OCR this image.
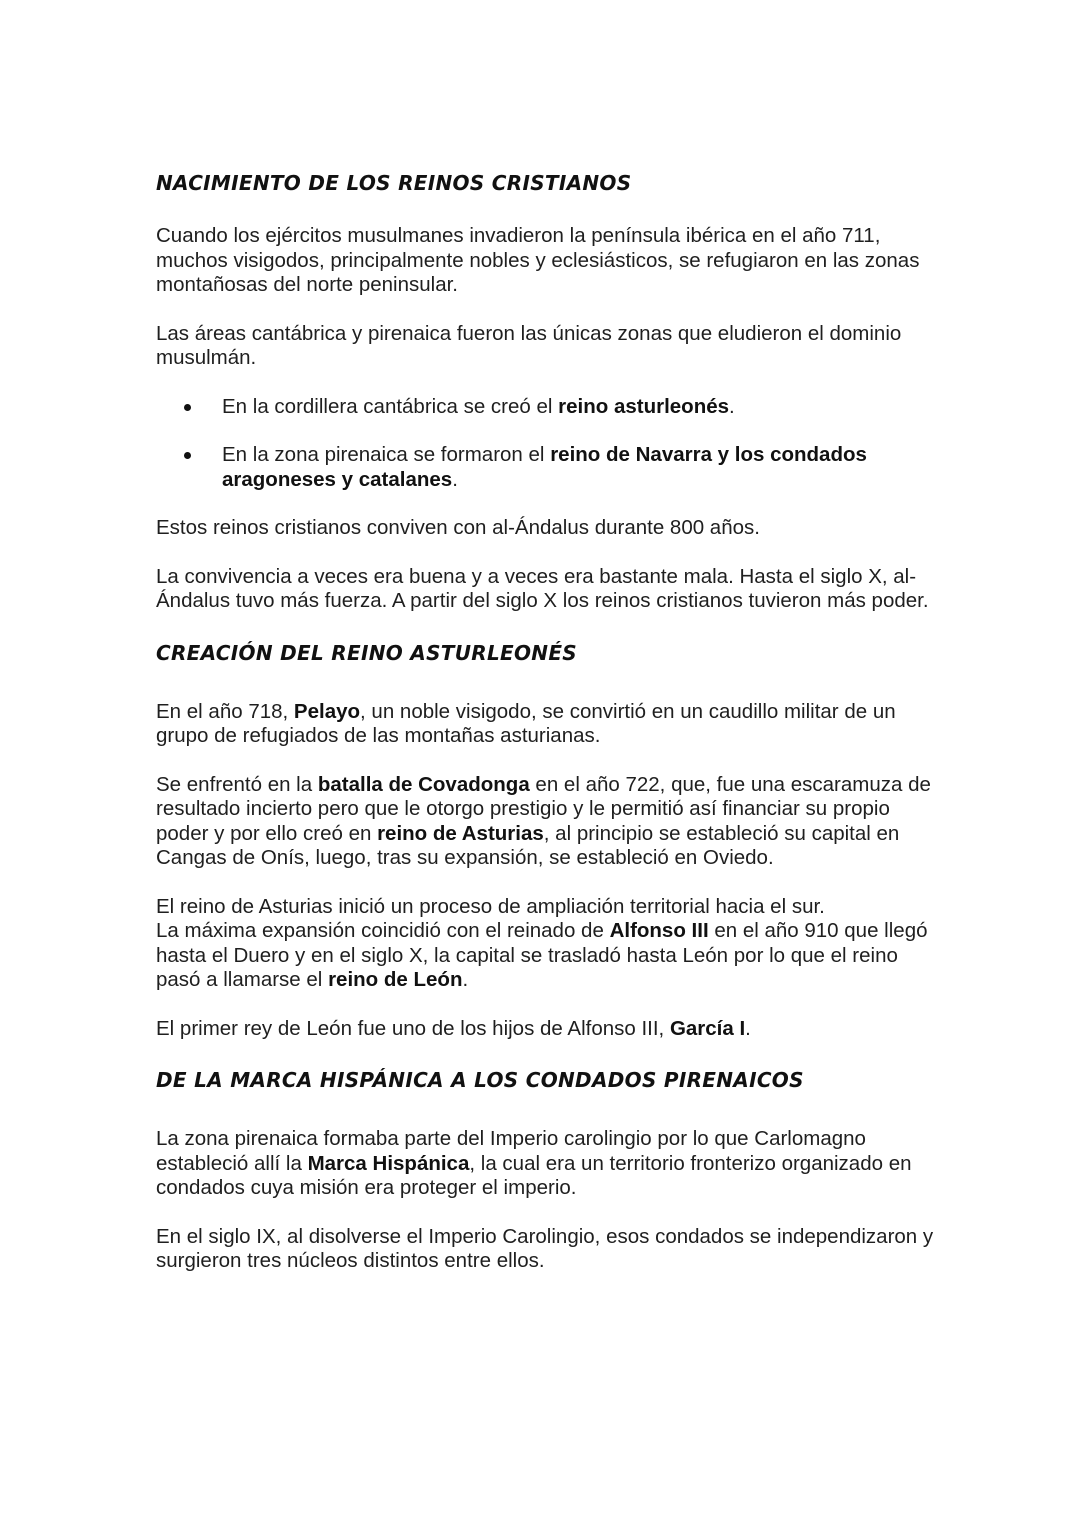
NACIMIENTO DE LOS REINOS CRISTIANOS

Cuando los ejércitos musulmanes invadieron la península ibérica en el año 711, muchos visigodos, principalmente nobles y eclesiásticos, se refugiaron en las zonas montañosas del norte peninsular.

Las áreas cantábrica y pirenaica fueron las únicas zonas que eludieron el dominio musulmán.

En la cordillera cantábrica se creó el reino asturleonés.
En la zona pirenaica se formaron el reino de Navarra y los condados aragoneses y catalanes.

Estos reinos cristianos conviven con al-Ándalus durante 800 años.

La convivencia a veces era buena y a veces era bastante mala. Hasta el siglo X, al-Ándalus tuvo más fuerza. A partir del siglo X los reinos cristianos tuvieron más poder.

CREACIÓN DEL REINO ASTURLEONÉS

En el año 718, Pelayo, un noble visigodo, se convirtió en un caudillo militar de un grupo de refugiados de las montañas asturianas.

Se enfrentó en la batalla de Covadonga en el año 722, que, fue una escaramuza de resultado incierto pero que le otorgo prestigio y le permitió así financiar su propio poder y por ello creó en reino de Asturias, al principio se estableció su capital en Cangas de Onís, luego, tras su expansión, se estableció en Oviedo.

El reino de Asturias inició un proceso de ampliación territorial hacia el sur.
La máxima expansión coincidió con el reinado de Alfonso III en el año 910 que llegó hasta el Duero y en el siglo X, la capital se trasladó hasta León por lo que el reino pasó a llamarse el reino de León.

El primer rey de León fue uno de los hijos de Alfonso III, García I.

DE LA MARCA HISPÁNICA A LOS CONDADOS PIRENAICOS

La zona pirenaica formaba parte del Imperio carolingio por lo que Carlomagno estableció allí la Marca Hispánica, la cual era un territorio fronterizo organizado en condados cuya misión era proteger el imperio.

En el siglo IX, al disolverse el Imperio Carolingio, esos condados se independizaron y surgieron tres núcleos distintos entre ellos.
